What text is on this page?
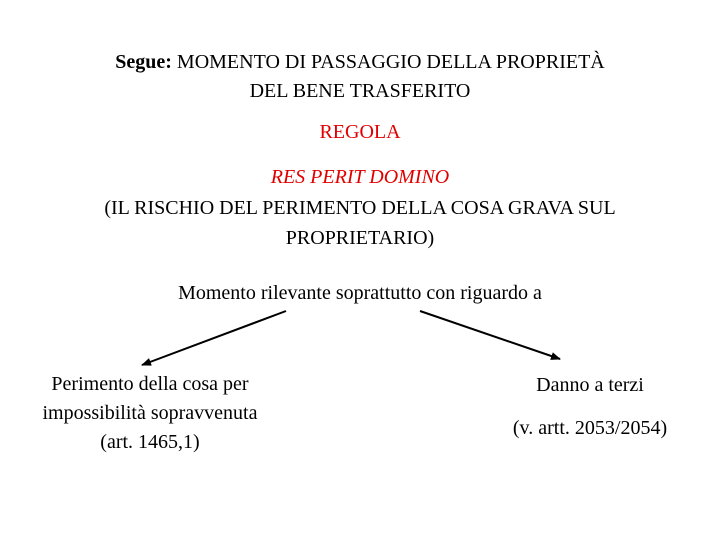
Segue: MOMENTO DI PASSAGGIO DELLA PROPRIETÀ
DEL BENE TRASFERITO
REGOLA
RES PERIT DOMINO
(IL RISCHIO DEL PERIMENTO DELLA COSA GRAVA SUL
PROPRIETARIO)
Momento rilevante soprattutto con riguardo a
Perimento della cosa per
impossibilità sopravvenuta
(art. 1465,1)
Danno a terzi
(v. artt. 2053/2054)
